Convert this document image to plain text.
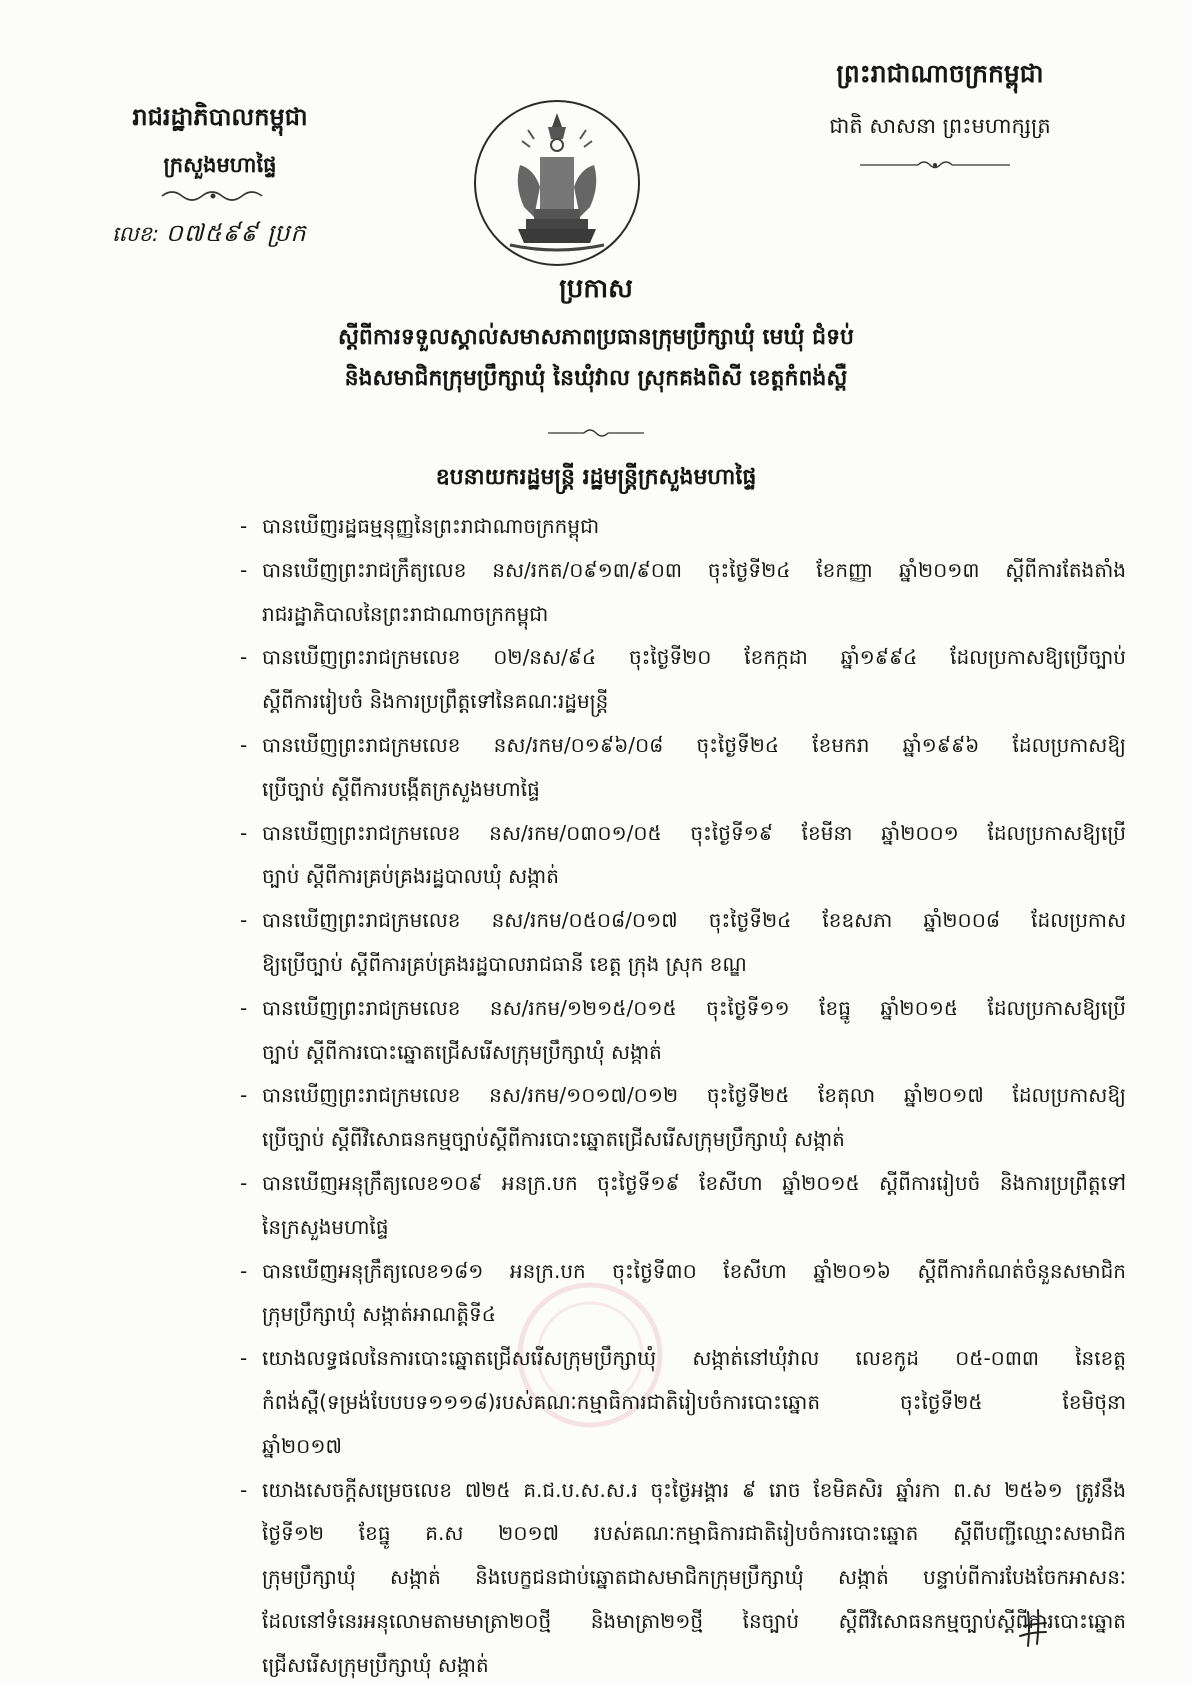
ព្រះរាជាណាចក្រកម្ពុជា
ជាតិ សាសនា ព្រះមហាក្សត្រ
រាជរដ្ឋាភិបាលកម្ពុជា
ក្រសួងមហាផ្ទៃ
លេខ: ០៧៥៩៩ ប្រក
ប្រកាស
ស្តីពីការទទួលស្គាល់សមាសភាពប្រធានក្រុមប្រឹក្សាឃុំ មេឃុំ ជំទប់
និងសមាជិកក្រុមប្រឹក្សាឃុំ នៃឃុំវាល ស្រុកគងពិសី ខេត្តកំពង់ស្ពឺ
ឧបនាយករដ្ឋមន្ត្រី រដ្ឋមន្ត្រីក្រសួងមហាផ្ទៃ
- បានឃើញរដ្ឋធម្មនុញ្ញនៃព្រះរាជាណាចក្រកម្ពុជា
- បានឃើញព្រះរាជក្រឹត្យលេខ នស/រកត/០៩១៣/៩០៣ ចុះថ្ងៃទី២៤ ខែកញ្ញា ឆ្នាំ២០១៣ ស្តីពីការតែងតាំង
រាជរដ្ឋាភិបាលនៃព្រះរាជាណាចក្រកម្ពុជា
- បានឃើញព្រះរាជក្រមលេខ ០២/នស/៩៤ ចុះថ្ងៃទី២០ ខែកក្កដា ឆ្នាំ១៩៩៤ ដែលប្រកាសឱ្យប្រើច្បាប់
ស្តីពីការរៀបចំ និងការប្រព្រឹត្តទៅនៃគណៈរដ្ឋមន្ត្រី
- បានឃើញព្រះរាជក្រមលេខ នស/រកម/០១៩៦/០៨ ចុះថ្ងៃទី២៤ ខែមករា ឆ្នាំ១៩៩៦ ដែលប្រកាសឱ្យ
ប្រើច្បាប់ ស្តីពីការបង្កើតក្រសួងមហាផ្ទៃ
- បានឃើញព្រះរាជក្រមលេខ នស/រកម/០៣០១/០៥ ចុះថ្ងៃទី១៩ ខែមីនា ឆ្នាំ២០០១ ដែលប្រកាសឱ្យប្រើ
ច្បាប់ ស្តីពីការគ្រប់គ្រងរដ្ឋបាលឃុំ សង្កាត់
- បានឃើញព្រះរាជក្រមលេខ នស/រកម/០៥០៨/០១៧ ចុះថ្ងៃទី២៤ ខែឧសភា ឆ្នាំ២០០៨ ដែលប្រកាស
ឱ្យប្រើច្បាប់ ស្តីពីការគ្រប់គ្រងរដ្ឋបាលរាជធានី ខេត្ត ក្រុង ស្រុក ខណ្ឌ
- បានឃើញព្រះរាជក្រមលេខ នស/រកម/១២១៥/០១៥ ចុះថ្ងៃទី១១ ខែធ្នូ ឆ្នាំ២០១៥ ដែលប្រកាសឱ្យប្រើ
ច្បាប់ ស្តីពីការបោះឆ្នោតជ្រើសរើសក្រុមប្រឹក្សាឃុំ សង្កាត់
- បានឃើញព្រះរាជក្រមលេខ នស/រកម/១០១៧/០១២ ចុះថ្ងៃទី២៥ ខែតុលា ឆ្នាំ២០១៧ ដែលប្រកាសឱ្យ
ប្រើច្បាប់ ស្តីពីវិសោធនកម្មច្បាប់ស្តីពីការបោះឆ្នោតជ្រើសរើសក្រុមប្រឹក្សាឃុំ សង្កាត់
- បានឃើញអនុក្រឹត្យលេខ១០៩ អនក្រ.បក ចុះថ្ងៃទី១៩ ខែសីហា ឆ្នាំ២០១៥ ស្តីពីការរៀបចំ និងការប្រព្រឹត្តទៅ
នៃក្រសួងមហាផ្ទៃ
- បានឃើញអនុក្រឹត្យលេខ១៨១ អនក្រ.បក ចុះថ្ងៃទី៣០ ខែសីហា ឆ្នាំ២០១៦ ស្តីពីការកំណត់ចំនួនសមាជិក
ក្រុមប្រឹក្សាឃុំ សង្កាត់អាណត្តិទី៤
- យោងលទ្ធផលនៃការបោះឆ្នោតជ្រើសរើសក្រុមប្រឹក្សាឃុំ សង្កាត់នៅឃុំវាល លេខកូដ ០៥-០៣៣ នៃខេត្ត
កំពង់ស្ពឺ(ទម្រង់បែបបទ១១១៨)របស់គណៈកម្មាធិការជាតិរៀបចំការបោះឆ្នោត ចុះថ្ងៃទី២៥ ខែមិថុនា
ឆ្នាំ២០១៧
- យោងសេចក្តីសម្រេចលេខ ៧២៥ គ.ជ.ប.ស.ស.រ ចុះថ្ងៃអង្គារ ៩ រោច ខែមិគសិរ ឆ្នាំរកា ព.ស ២៥៦១ ត្រូវនឹង
ថ្ងៃទី១២ ខែធ្នូ គ.ស ២០១៧ របស់គណៈកម្មាធិការជាតិរៀបចំការបោះឆ្នោត ស្តីពីបញ្ជីឈ្មោះសមាជិក
ក្រុមប្រឹក្សាឃុំ សង្កាត់ និងបេក្ខជនជាប់ឆ្នោតជាសមាជិកក្រុមប្រឹក្សាឃុំ សង្កាត់ បន្ទាប់ពីការបែងចែកអាសនៈ
ដែលនៅទំនេរអនុលោមតាមមាត្រា២០ថ្មី និងមាត្រា២១ថ្មី នៃច្បាប់ ស្តីពីវិសោធនកម្មច្បាប់ស្តីពីការបោះឆ្នោត
ជ្រើសរើសក្រុមប្រឹក្សាឃុំ សង្កាត់
